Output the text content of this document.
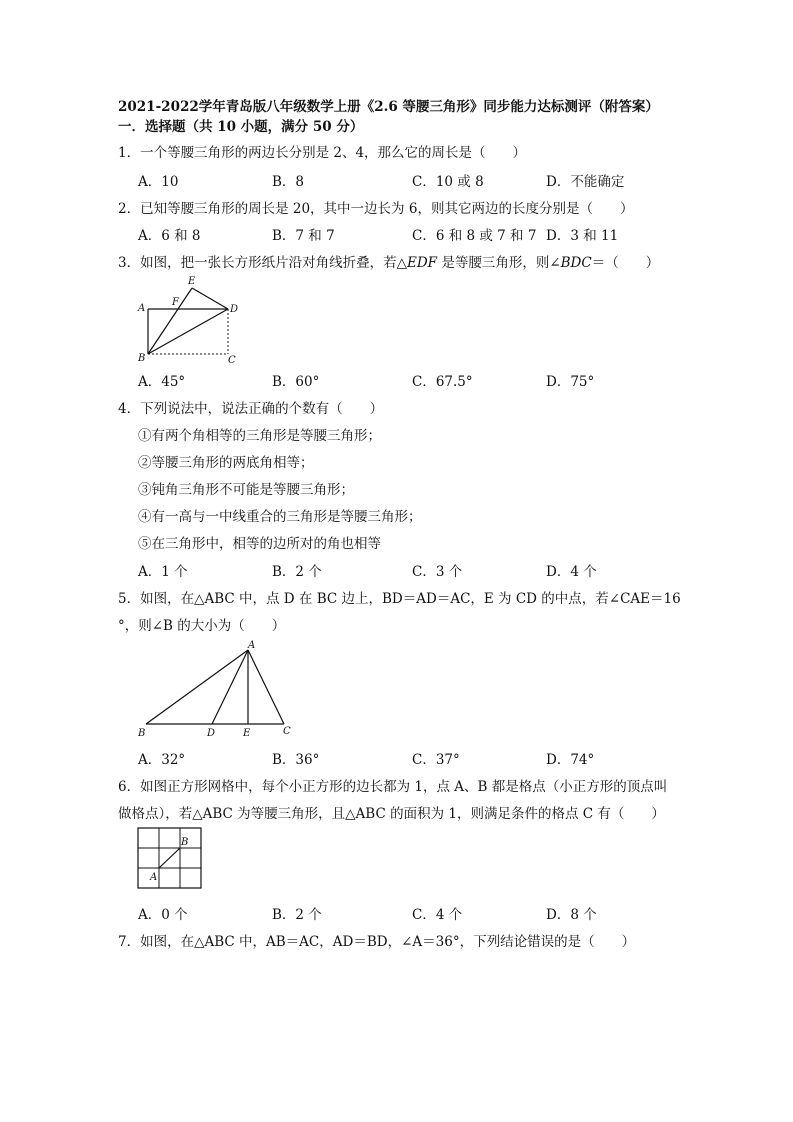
2021-2022学年青岛版八年级数学上册《2.6 等腰三角形》同步能力达标测评（附答案）
一．选择题（共 10 小题，满分 50 分）
1．一个等腰三角形的两边长分别是 2、4，那么它的周长是（　　）
A．10	B．8	C．10 或 8	D．不能确定
2．已知等腰三角形的周长是 20，其中一边长为 6，则其它两边的长度分别是（　　）
A．6 和 8	B．7 和 7	C．6 和 8 或 7 和 7 D．3 和 11
3．如图，把一张长方形纸片沿对角线折叠，若△EDF 是等腰三角形，则∠BDC＝（　　）
E
A
F
D
B	C
A．45°	B．60°	C．67.5°	D．75°
4．下列说法中，说法正确的个数有（　　）
①有两个角相等的三角形是等腰三角形；
②等腰三角形的两底角相等；
③钝角三角形不可能是等腰三角形；
④有一高与一中线重合的三角形是等腰三角形；
⑤在三角形中，相等的边所对的角也相等
A．1 个	B．2 个	C．3 个	D．4 个
5．如图，在△ABC 中，点 D 在 BC 边上，BD＝AD＝AC，E 为 CD 的中点，若∠CAE＝16
°，则∠B 的大小为（　　）
A
B	D	E	C
A．32°	B．36°	C．37°	D．74°
6．如图正方形网格中，每个小正方形的边长都为 1，点 A、B 都是格点（小正方形的顶点叫
做格点），若△ABC 为等腰三角形，且△ABC 的面积为 1，则满足条件的格点 C 有（　　）
B
A
A．0 个	B．2 个	C．4 个	D．8 个
7．如图，在△ABC 中，AB＝AC，AD＝BD，∠A＝36°，下列结论错误的是（　　）
